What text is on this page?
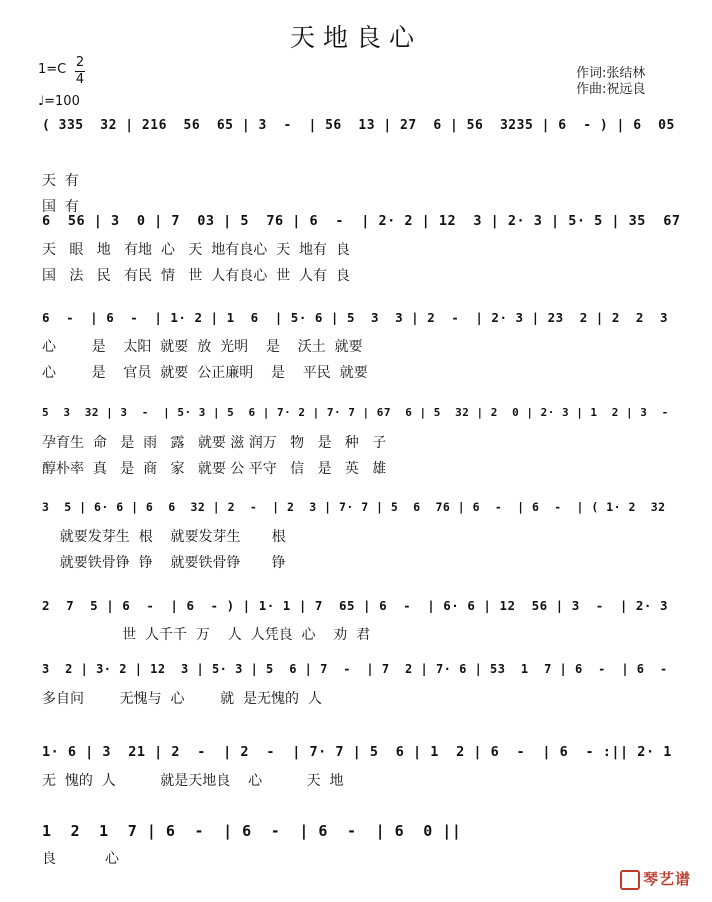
天地良心
1=C 2
4
♩=100
作词:张结林
作曲:祝远良
( 335  32 | 216  56  65 | 3  -  | 56  13 | 27  6 | 56  3235 | 6  - ) | 6  05
天  有
国  有
6  56 | 3  0 | 7  03 | 5  76 | 6  -  | 2· 2 | 12  3 | 2· 3 | 5· 5 | 35  67
天   眼   地   有地  心   天  地有良心  天  地有  良
国   法   民   有民  情   世  人有良心  世  人有  良
6  -  | 6  -  | 1· 2 | 1  6  | 5· 6 | 5  3  3 | 2  -  | 2· 3 | 23  2 | 2  2  3
心        是    太阳  就要  放  光明    是    沃土  就要
心        是    官员  就要  公正廉明    是    平民  就要
5  3  32 | 3  -  | 5· 3 | 5  6 | 7· 2 | 7· 7 | 67  6 | 5  32 | 2  0 | 2· 3 | 1  2 | 3  -
孕育生  命   是  雨   露   就要 滋 润万   物   是   种   子
醇朴率  真   是  商   家   就要 公 平守   信   是   英   雄
3  5 | 6· 6 | 6  6  32 | 2  -  | 2  3 | 7· 7 | 5  6  76 | 6  -  | 6  -  | ( 1· 2  32
就要发芽生  根    就要发芽生       根
就要铁骨铮  铮    就要铁骨铮       铮
2  7  5 | 6  -  | 6  - ) | 1· 1 | 7  65 | 6  -  | 6· 6 | 12  56 | 3  -  | 2· 3
世  人千千  万    人  人凭良  心    劝  君
3  2 | 3· 2 | 12  3 | 5· 3 | 5  6 | 7  -  | 7  2 | 7· 6 | 53  1  7 | 6  -  | 6  -
多自问        无愧与  心        就  是无愧的  人
1· 6 | 3  21 | 2  -  | 2  -  | 7· 7 | 5  6 | 1  2 | 6  -  | 6  - :|| 2· 1
无  愧的  人          就是天地良    心          天  地
1  2  1  7 | 6  -  | 6  -  | 6  -  | 6  0 ||
良           心
琴艺谱
